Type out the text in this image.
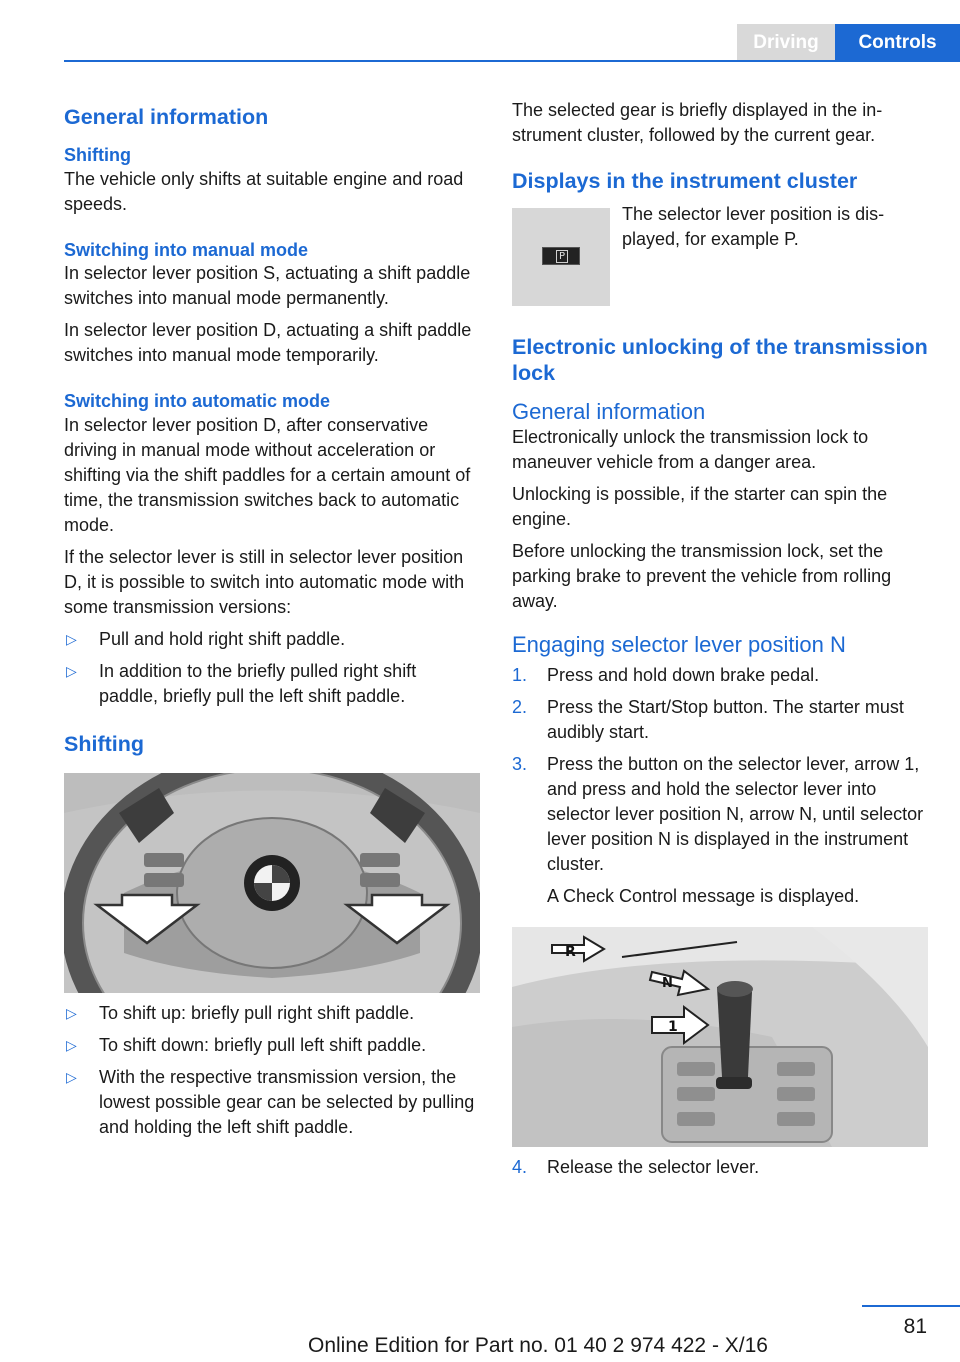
Driving	Controls
General information
Shifting

The vehicle only shifts at suitable engine and road speeds.

Switching into manual mode

In selector lever position S, actuating a shift paddle switches into manual mode permanently.

In selector lever position D, actuating a shift paddle switches into manual mode temporarily.

Switching into automatic mode

In selector lever position D, after conservative driving in manual mode without acceleration or shifting via the shift paddles for a certain amount of time, the transmission switches back to automatic mode.

If the selector lever is still in selector lever position D, it is possible to switch into automatic mode with some transmission versions:

▷ Pull and hold right shift paddle.
▷ In addition to the briefly pulled right shift paddle, briefly pull the left shift paddle.
Shifting
▷ To shift up: briefly pull right shift paddle.
▷ To shift down: briefly pull left shift paddle.
▷ With the respective transmission version, the lowest possible gear can be selected by pulling and holding the left shift paddle.

The selected gear is briefly displayed in the instrument cluster, followed by the current gear.

Displays in the instrument cluster
P

The selector lever position is displayed, for example P.

Electronic unlocking of the transmission lock
General information

Electronically unlock the transmission lock to maneuver vehicle from a danger area.

Unlocking is possible, if the starter can spin the engine.

Before unlocking the transmission lock, set the parking brake to prevent the vehicle from rolling away.

Engaging selector lever position N
1. Press and hold down brake pedal.
2. Press the Start/Stop button. The starter must audibly start.
3. Press the button on the selector lever, arrow 1, and press and hold the selector lever into selector lever position N, arrow N, until selector lever position N is displayed in the instrument cluster.

A Check Control message is displayed.

R
N
1
4. Release the selector lever.
81
Online Edition for Part no. 01 40 2 974 422 - X/16
